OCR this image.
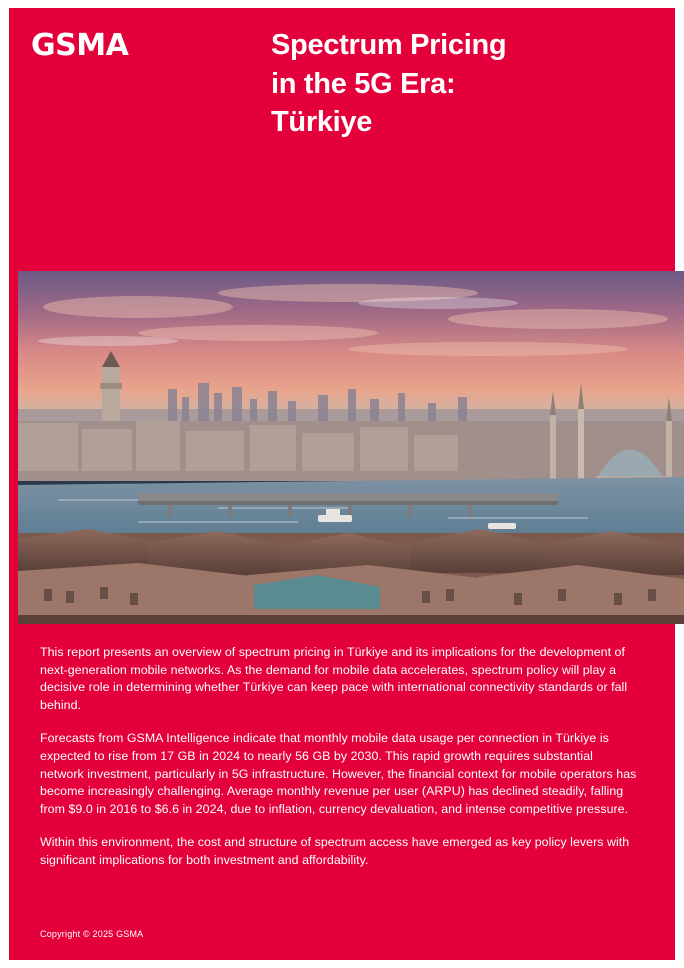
GSMA	Spectrum Pricing
in the 5G Era:
Türkiye

This report presents an overview of spectrum pricing in Türkiye and its implications for the development of next-generation mobile networks. As the demand for mobile data accelerates, spectrum policy will play a decisive role in determining whether Türkiye can keep pace with international connectivity standards or fall behind.

Forecasts from GSMA Intelligence indicate that monthly mobile data usage per connection in Türkiye is expected to rise from 17 GB in 2024 to nearly 56 GB by 2030. This rapid growth requires substantial network investment, particularly in 5G infrastructure. However, the financial context for mobile operators has become increasingly challenging. Average monthly revenue per user (ARPU) has declined steadily, falling from $9.0 in 2016 to $6.6 in 2024, due to inflation, currency devaluation, and intense competitive pressure.

Within this environment, the cost and structure of spectrum access have emerged as key policy levers with significant implications for both investment and affordability.

Copyright © 2025 GSMA
